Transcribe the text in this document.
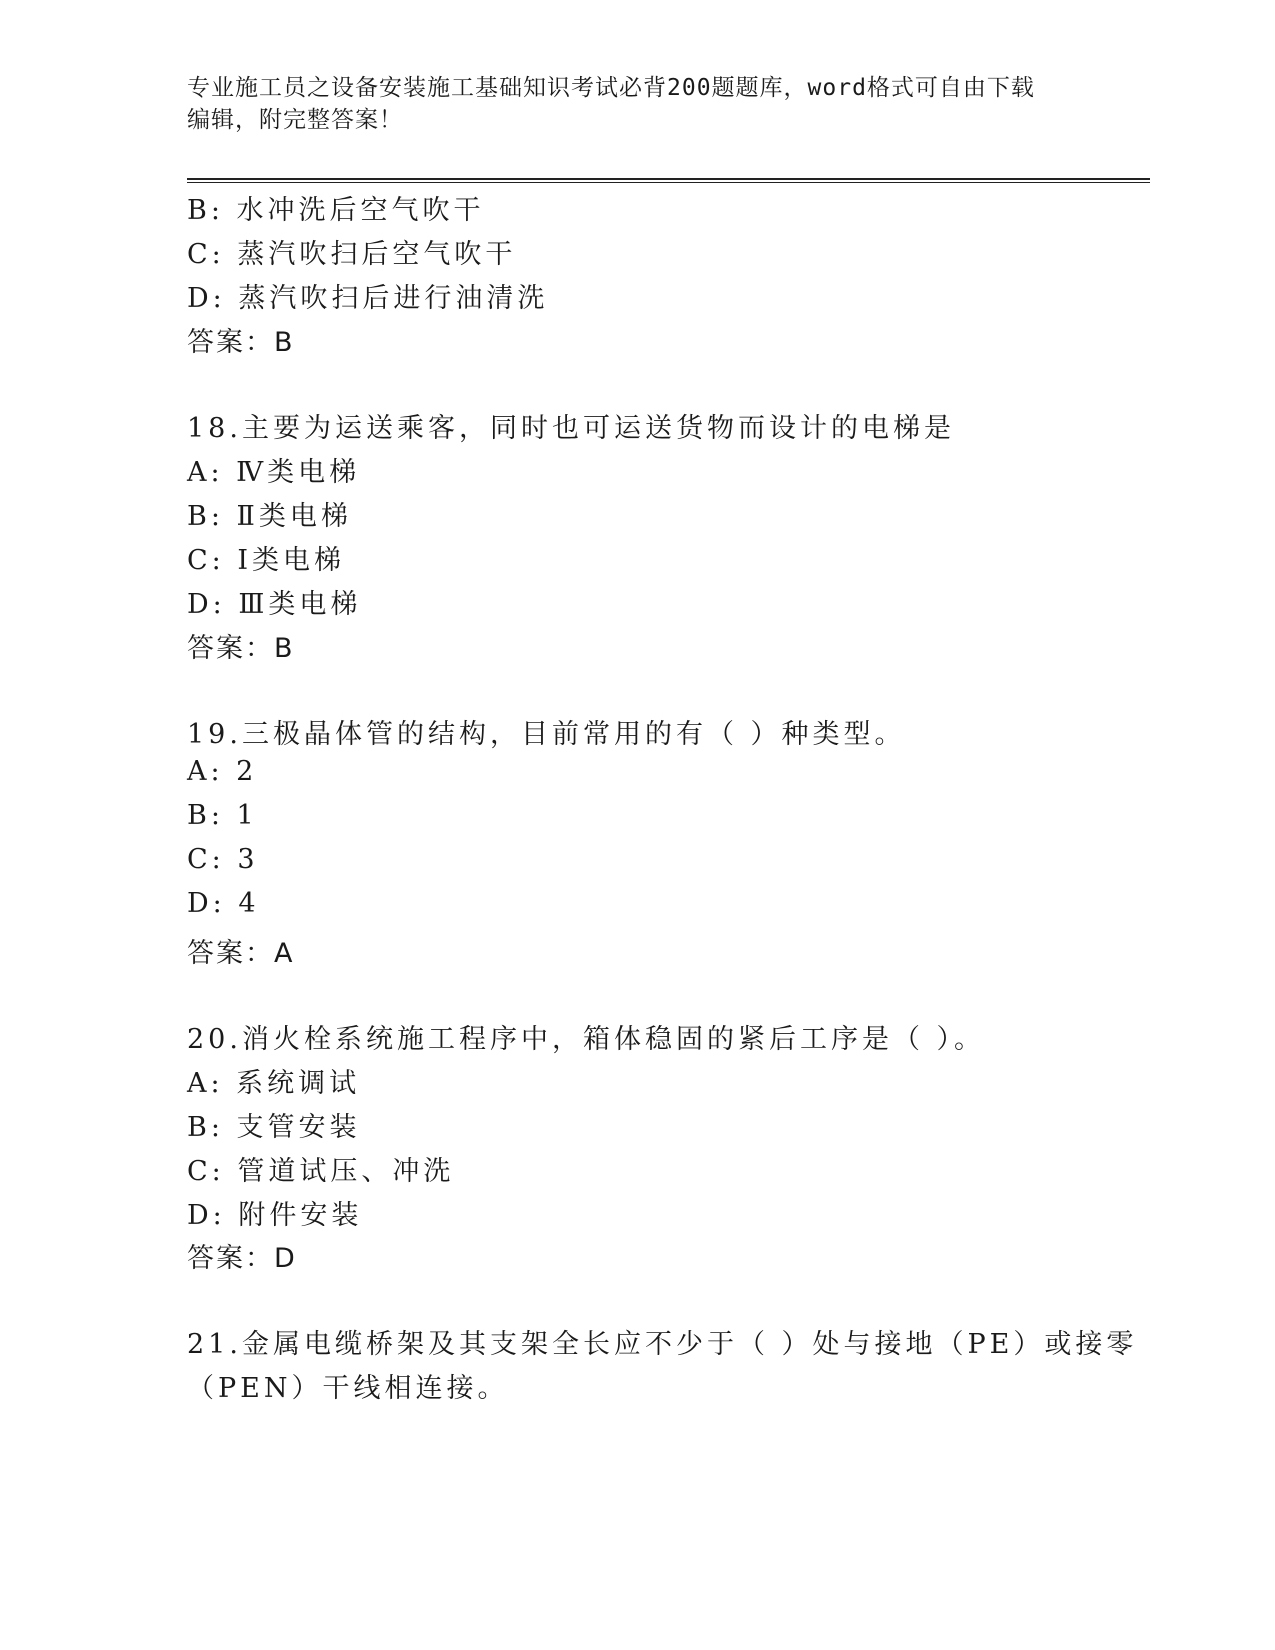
专业施工员之设备安装施工基础知识考试必背200题题库，word格式可自由下载
编辑，附完整答案！
B: 水冲洗后空气吹干
C: 蒸汽吹扫后空气吹干
D: 蒸汽吹扫后进行油清洗
答案：B
18.主要为运送乘客，同时也可运送货物而设计的电梯是
A: Ⅳ类电梯
B: Ⅱ类电梯
C: Ⅰ类电梯
D: Ⅲ类电梯
答案：B
19.三极晶体管的结构，目前常用的有（ ）种类型。
A: 2
B: 1
C: 3
D: 4
答案：A
20.消火栓系统施工程序中，箱体稳固的紧后工序是（ ）。
A: 系统调试
B: 支管安装
C: 管道试压、冲洗
D: 附件安装
答案：D
21.金属电缆桥架及其支架全长应不少于（ ）处与接地（PE）或接零
（PEN）干线相连接。
